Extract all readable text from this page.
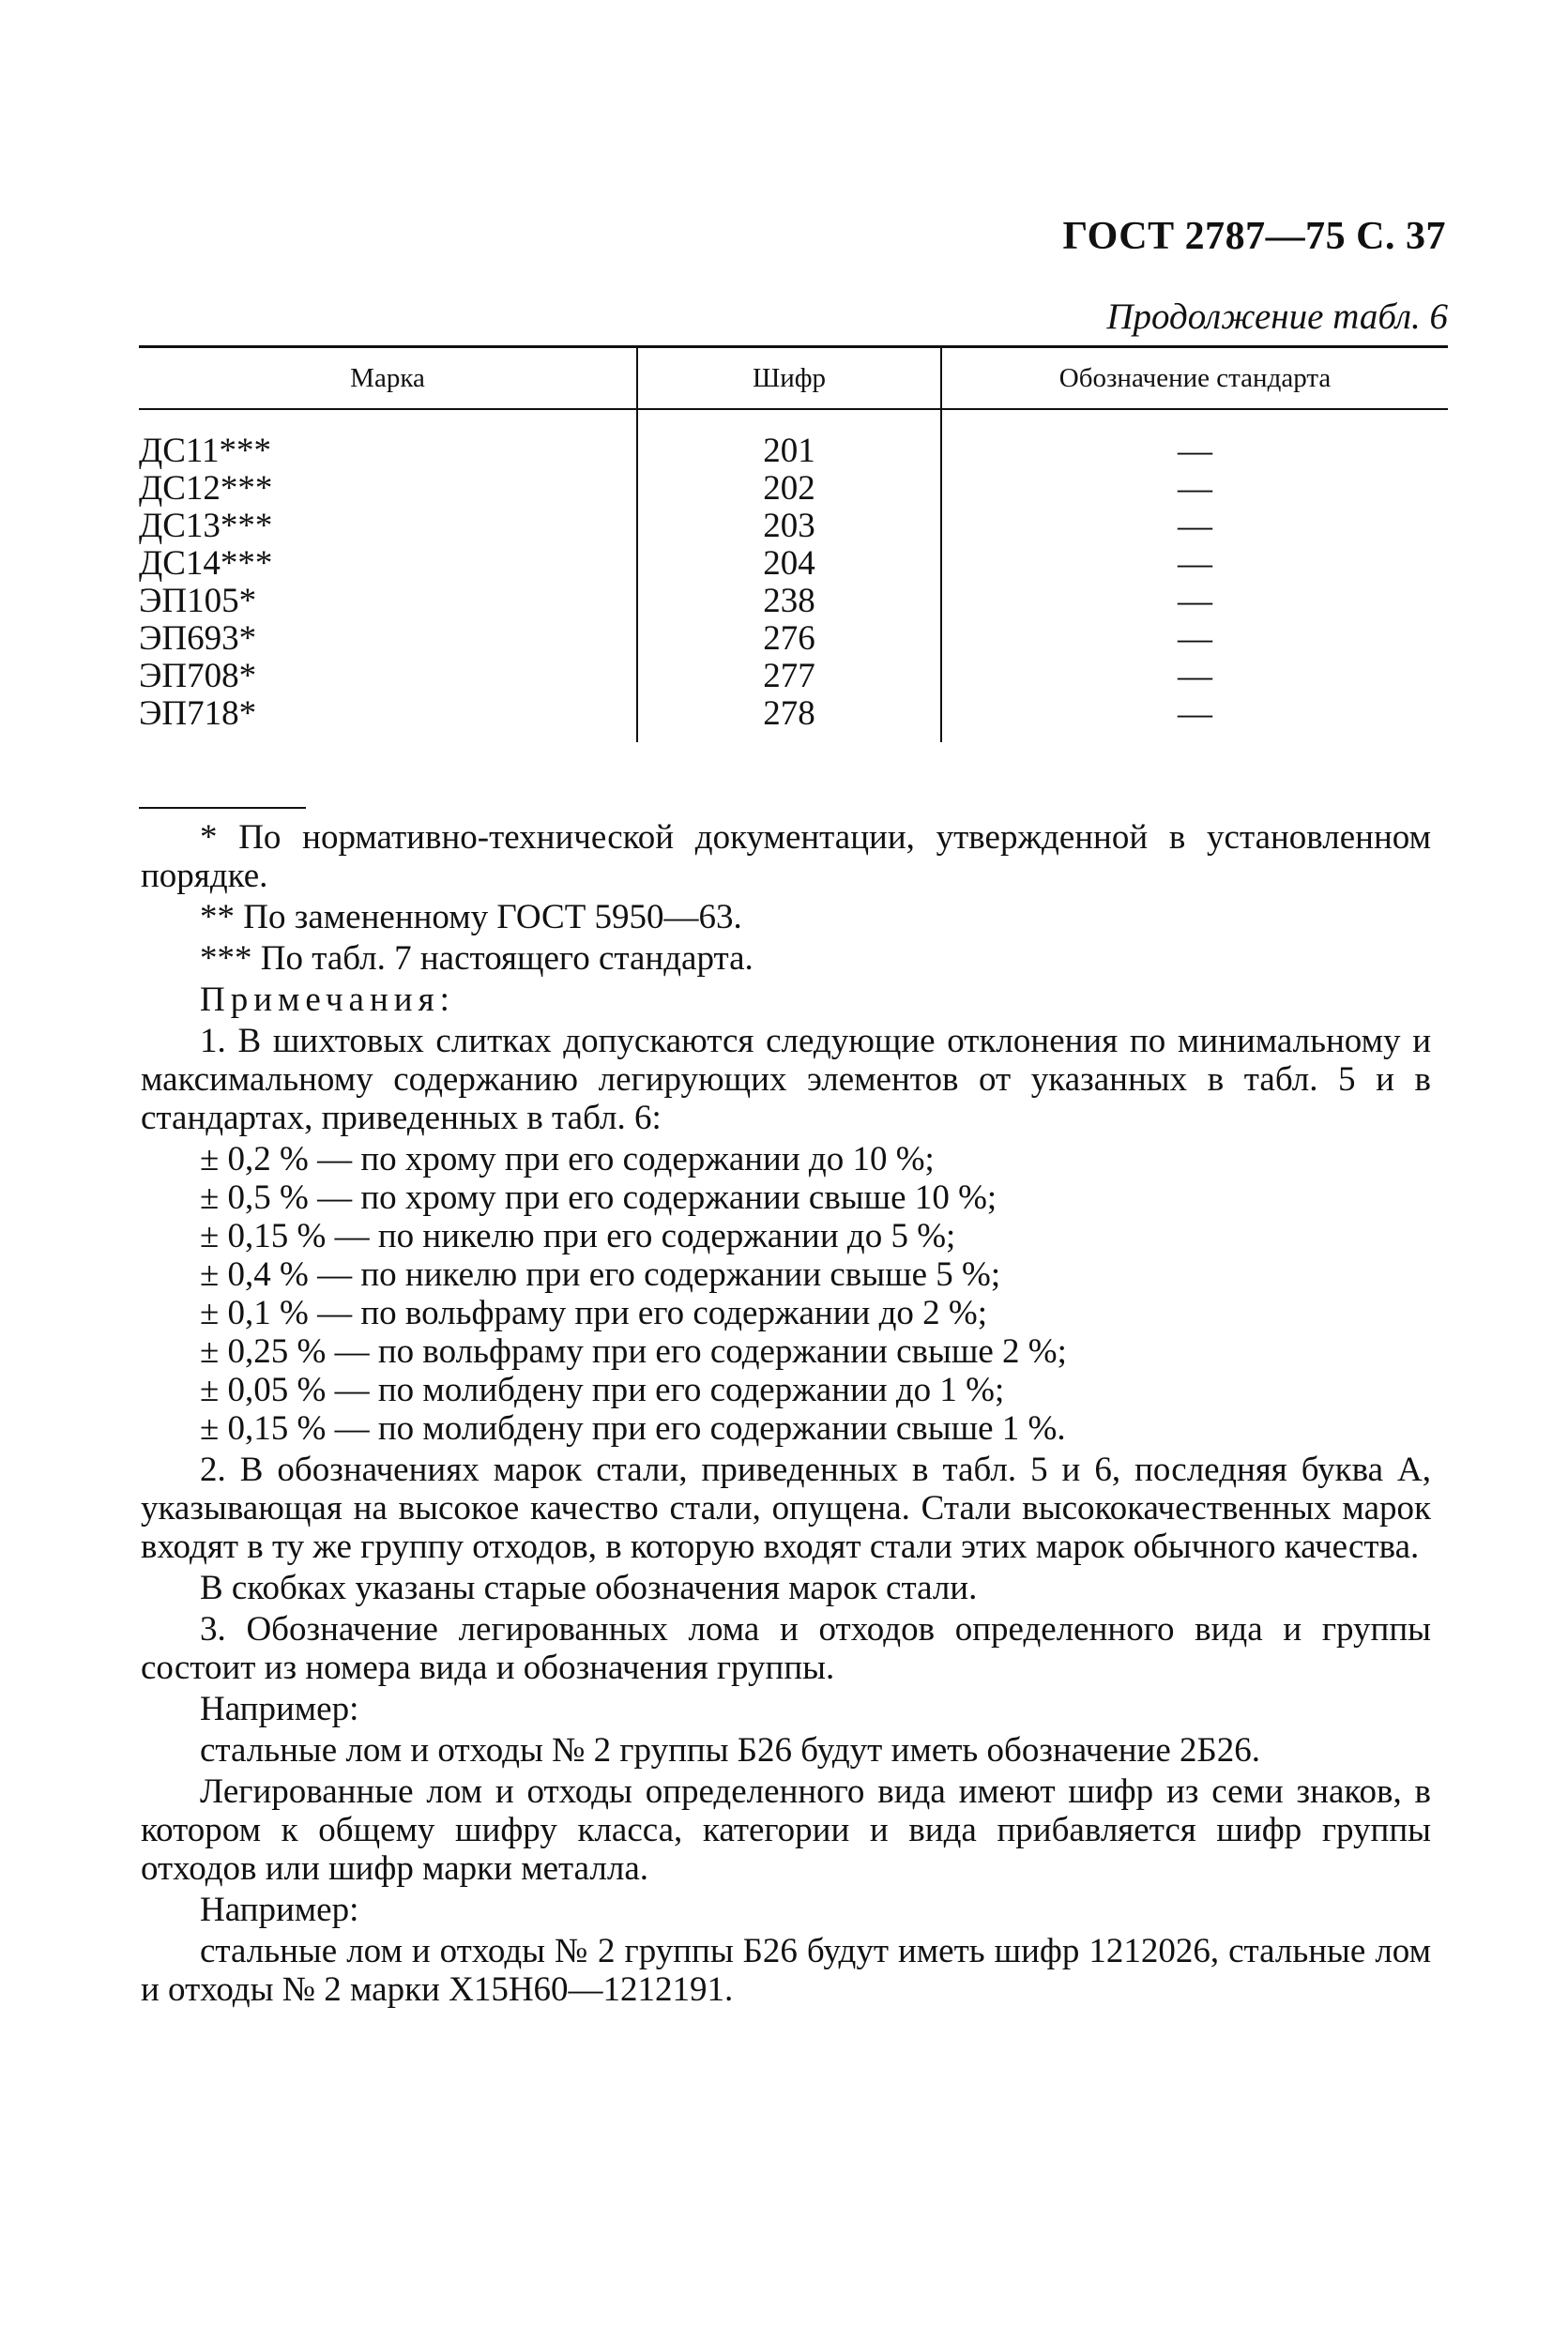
ГОСТ 2787—75 С. 37
Продолжение табл. 6
Марка	Шифр	Обозначение стандарта
ДС11***	201	—
ДС12***	202	—
ДС13***	203	—
ДС14***	204	—
ЭП105*	238	—
ЭП693*	276	—
ЭП708*	277	—
ЭП718*	278	—

* По нормативно-технической документации, утвержденной в установленном порядке.

** По замененному ГОСТ 5950—63.

*** По табл. 7 настоящего стандарта.

Примечания:

1. В шихтовых слитках допускаются следующие отклонения по минимальному и максимальному содержанию легирующих элементов от указанных в табл. 5 и в стандартах, приведенных в табл. 6:

± 0,2 % — по хрому при его содержании до 10 %;

± 0,5 % — по хрому при его содержании свыше 10 %;

± 0,15 % — по никелю при его содержании до 5 %;

± 0,4 % — по никелю при его содержании свыше 5 %;

± 0,1 % — по вольфраму при его содержании до 2 %;

± 0,25 % — по вольфраму при его содержании свыше 2 %;

± 0,05 % — по молибдену при его содержании до 1 %;

± 0,15 % — по молибдену при его содержании свыше 1 %.

2. В обозначениях марок стали, приведенных в табл. 5 и 6, последняя буква А, указывающая на высокое качество стали, опущена. Стали высококачественных марок входят в ту же группу отходов, в которую входят стали этих марок обычного качества.

В скобках указаны старые обозначения марок стали.

3. Обозначение легированных лома и отходов определенного вида и группы состоит из номера вида и обозначения группы.

Например:

стальные лом и отходы № 2 группы Б26 будут иметь обозначение 2Б26.

Легированные лом и отходы определенного вида имеют шифр из семи знаков, в котором к общему шифру класса, категории и вида прибавляется шифр группы отходов или шифр марки металла.

Например:

стальные лом и отходы № 2 группы Б26 будут иметь шифр 1212026, стальные лом и отходы № 2 марки Х15Н60—1212191.
